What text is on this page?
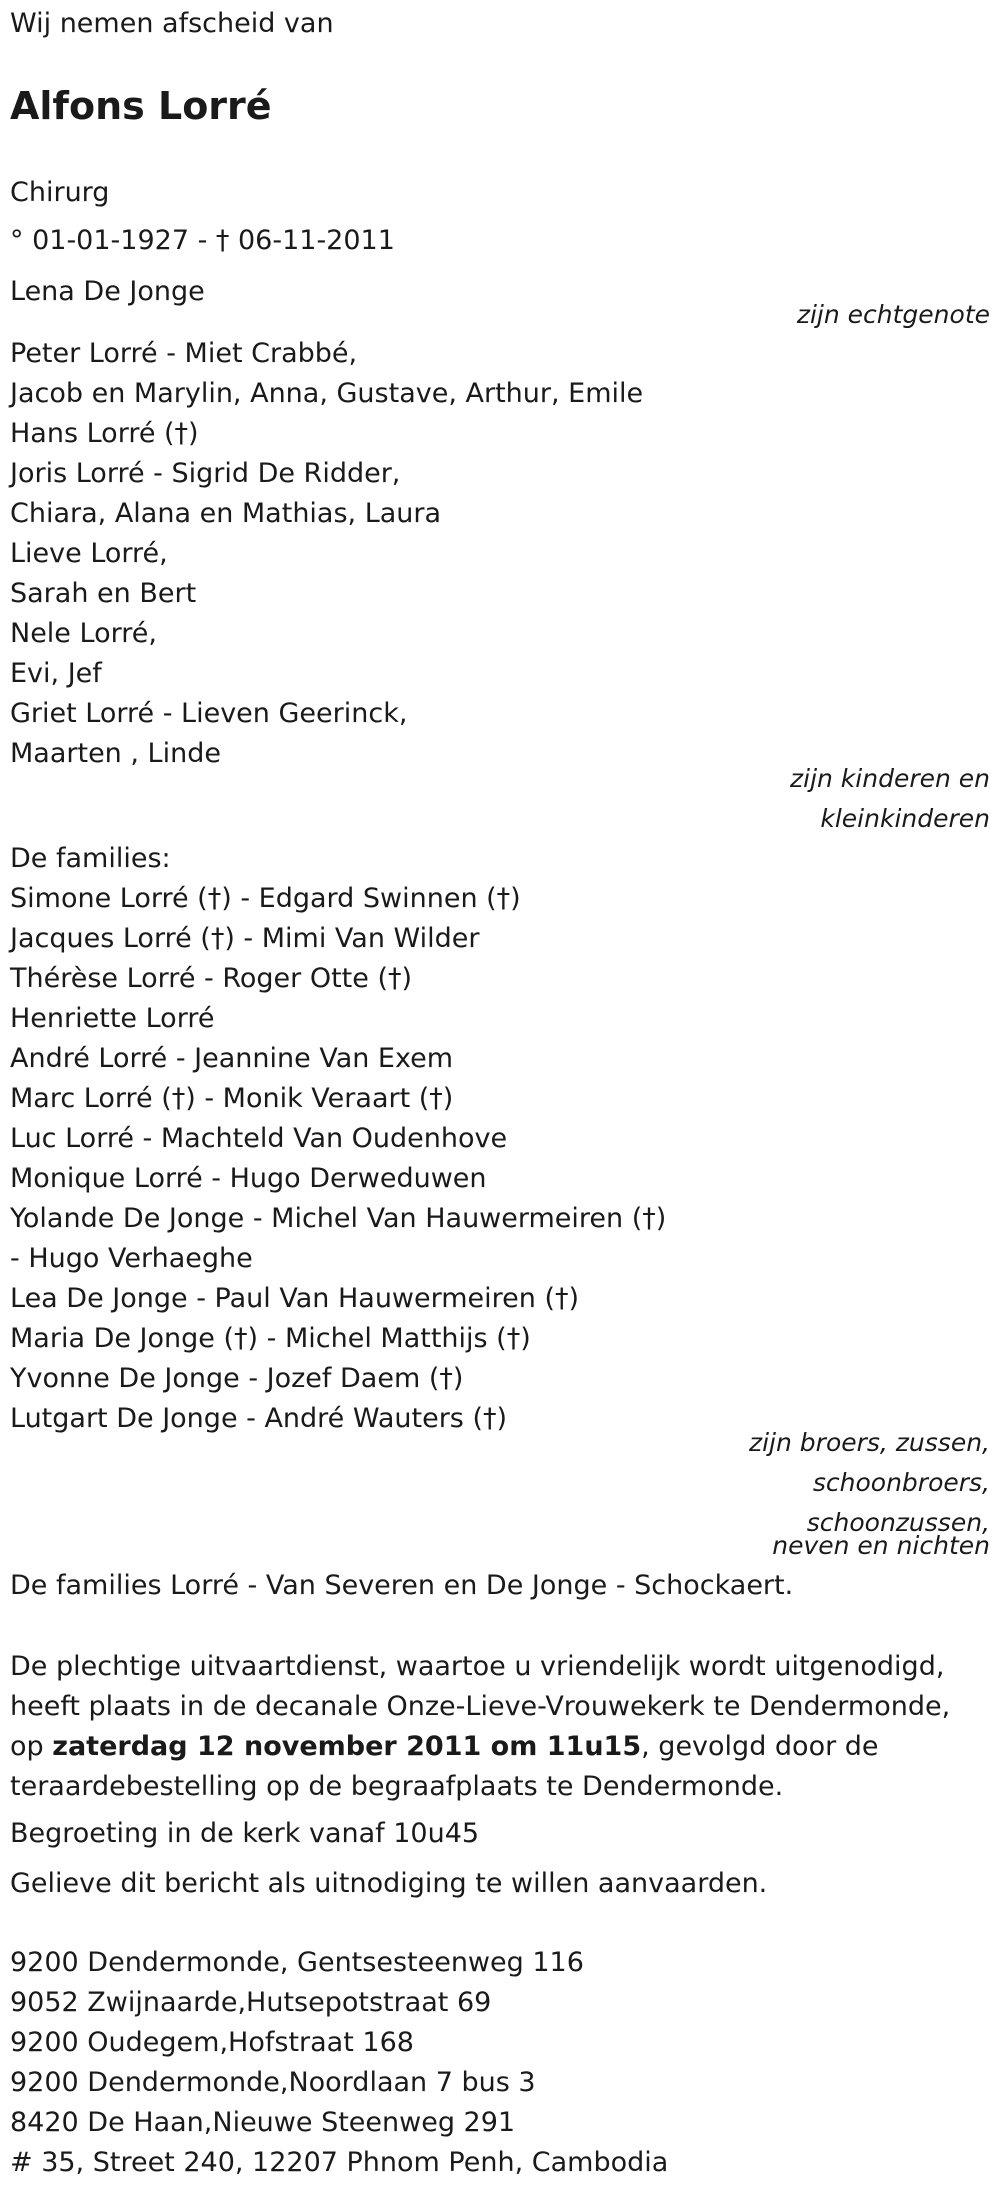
Wij nemen afscheid van
Alfons Lorré
Chirurg
° 01-01-1927 - † 06-11-2011
Lena De Jonge
zijn echtgenote
Peter Lorré - Miet Crabbé,
Jacob en Marylin, Anna, Gustave, Arthur, Emile
Hans Lorré (†)
Joris Lorré - Sigrid De Ridder,
Chiara, Alana en Mathias, Laura
Lieve Lorré,
Sarah en Bert
Nele Lorré,
Evi, Jef
Griet Lorré - Lieven Geerinck,
Maarten , Linde
zijn kinderen en
kleinkinderen
De families:
Simone Lorré (†) - Edgard Swinnen (†)
Jacques Lorré (†) - Mimi Van Wilder
Thérèse Lorré - Roger Otte (†)
Henriette Lorré
André Lorré - Jeannine Van Exem
Marc Lorré (†) - Monik Veraart (†)
Luc Lorré - Machteld Van Oudenhove
Monique Lorré - Hugo Derweduwen
Yolande De Jonge - Michel Van Hauwermeiren (†)
- Hugo Verhaeghe
Lea De Jonge - Paul Van Hauwermeiren (†)
Maria De Jonge (†) - Michel Matthijs (†)
Yvonne De Jonge - Jozef Daem (†)
Lutgart De Jonge - André Wauters (†)
zijn broers, zussen,
schoonbroers,
schoonzussen,
neven en nichten
De families Lorré - Van Severen en De Jonge - Schockaert.
De plechtige uitvaartdienst, waartoe u vriendelijk wordt uitgenodigd, heeft plaats in de decanale Onze-Lieve-Vrouwekerk te Dendermonde, op zaterdag 12 november 2011 om 11u15, gevolgd door de teraardebestelling op de begraafplaats te Dendermonde.
Begroeting in de kerk vanaf 10u45
Gelieve dit bericht als uitnodiging te willen aanvaarden.
9200 Dendermonde, Gentsesteenweg 116
9052 Zwijnaarde,Hutsepotstraat 69
9200 Oudegem,Hofstraat 168
9200 Dendermonde,Noordlaan 7 bus 3
8420 De Haan,Nieuwe Steenweg 291
# 35, Street 240, 12207 Phnom Penh, Cambodia
